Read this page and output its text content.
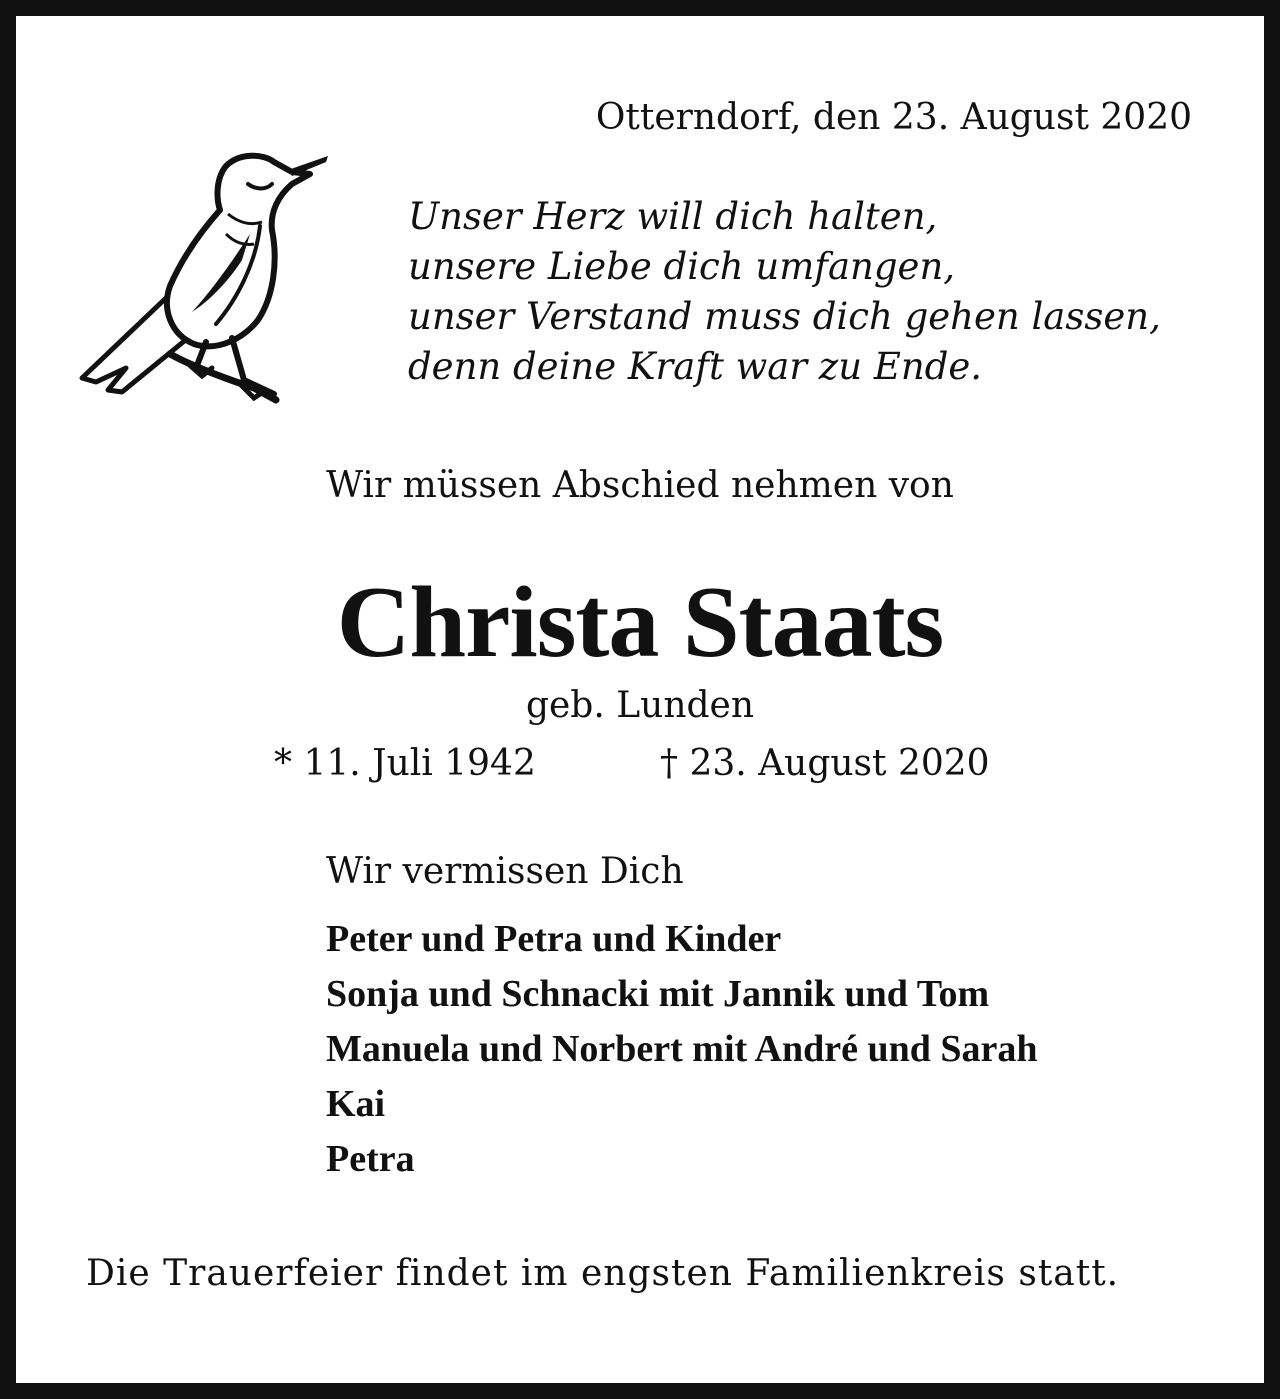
Otterndorf, den 23. August 2020
Unser Herz will dich halten,
unsere Liebe dich umfangen,
unser Verstand muss dich gehen lassen,
denn deine Kraft war zu Ende.
Wir müssen Abschied nehmen von
Christa Staats
geb. Lunden
* 11. Juli 1942	† 23. August 2020
Wir vermissen Dich
Peter und Petra und Kinder
Sonja und Schnacki mit Jannik und Tom
Manuela und Norbert mit André und Sarah
Kai
Petra
Die Trauerfeier findet im engsten Familienkreis statt.
